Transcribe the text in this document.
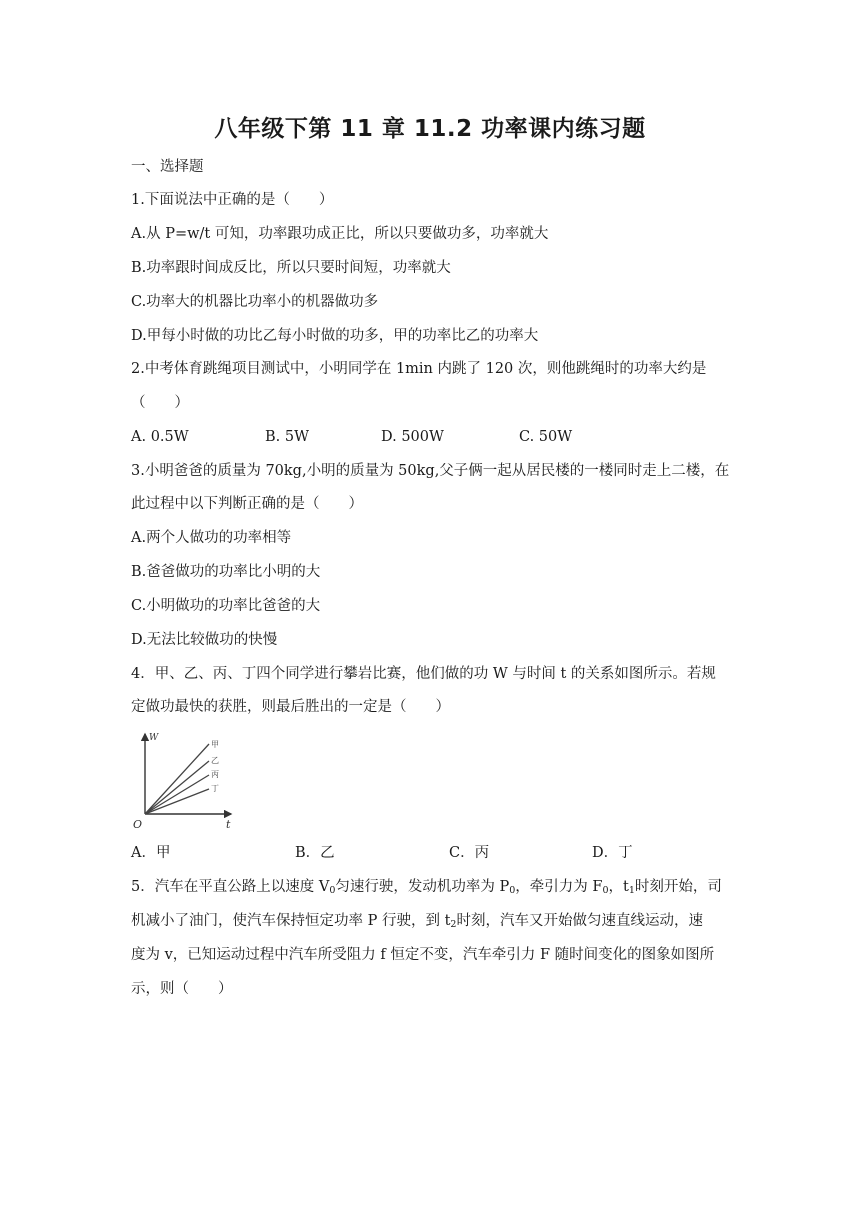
八年级下第 11 章 11.2 功率课内练习题
一、选择题
1.下面说法中正确的是（　　）
A.从 P=w/t 可知，功率跟功成正比，所以只要做功多，功率就大
B.功率跟时间成反比，所以只要时间短，功率就大
C.功率大的机器比功率小的机器做功多
D.甲每小时做的功比乙每小时做的功多，甲的功率比乙的功率大
2.中考体育跳绳项目测试中，小明同学在 1min 内跳了 120 次，则他跳绳时的功率大约是
（　　）
A. 0.5W	B. 5W	D. 500W	C. 50W
3.小明爸爸的质量为 70kg,小明的质量为 50kg,父子俩一起从居民楼的一楼同时走上二楼，在
此过程中以下判断正确的是（　　）
A.两个人做功的功率相等
B.爸爸做功的功率比小明的大
C.小明做功的功率比爸爸的大
D.无法比较做功的快慢
4．甲、乙、丙、丁四个同学进行攀岩比赛，他们做的功 W 与时间 t 的关系如图所示。若规
定做功最快的获胜，则最后胜出的一定是（　　）
W
t
O
甲
乙
丙
丁
A．甲	B．乙	C．丙	D．丁
5．汽车在平直公路上以速度 $V_0$匀速行驶，发动机功率为 $P_0$，牵引力为 $F_0$，$t_1$时刻开始，司
机减小了油门，使汽车保持恒定功率 P 行驶，到 $t_2$时刻，汽车又开始做匀速直线运动，速
度为 v，已知运动过程中汽车所受阻力 f 恒定不变，汽车牵引力 F 随时间变化的图象如图所
示，则（　　）
